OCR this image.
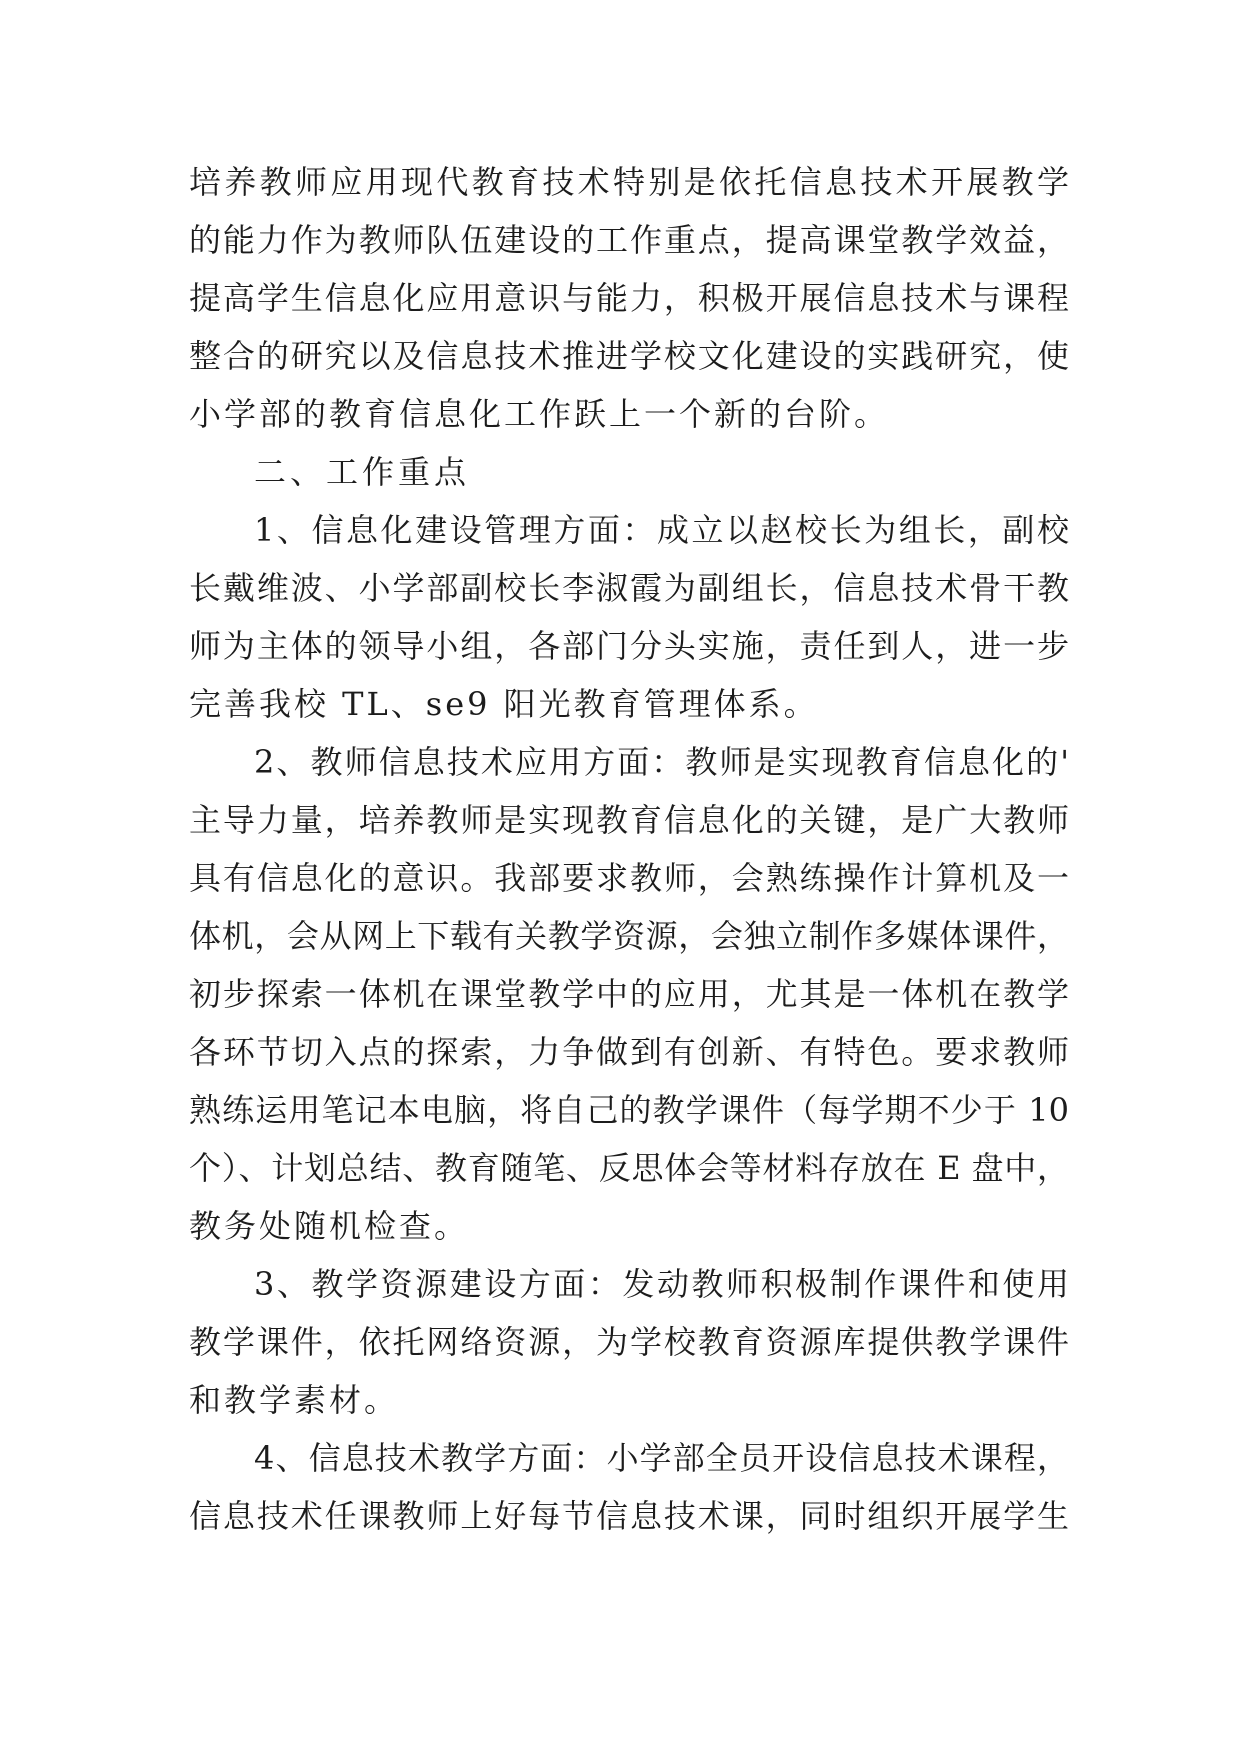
培养教师应用现代教育技术特别是依托信息技术开展教学
的能力作为教师队伍建设的工作重点，提高课堂教学效益，
提高学生信息化应用意识与能力，积极开展信息技术与课程
整合的研究以及信息技术推进学校文化建设的实践研究，使
小学部的教育信息化工作跃上一个新的台阶。
二、工作重点
1、信息化建设管理方面：成立以赵校长为组长，副校
长戴维波、小学部副校长李淑霞为副组长，信息技术骨干教
师为主体的领导小组，各部门分头实施，责任到人，进一步
完善我校 TL、se9 阳光教育管理体系。
2、教师信息技术应用方面：教师是实现教育信息化的'
主导力量，培养教师是实现教育信息化的关键，是广大教师
具有信息化的意识。我部要求教师，会熟练操作计算机及一
体机，会从网上下载有关教学资源，会独立制作多媒体课件，
初步探索一体机在课堂教学中的应用，尤其是一体机在教学
各环节切入点的探索，力争做到有创新、有特色。要求教师
熟练运用笔记本电脑，将自己的教学课件（每学期不少于 10
个）、计划总结、教育随笔、反思体会等材料存放在 E 盘中，
教务处随机检查。
3、教学资源建设方面：发动教师积极制作课件和使用
教学课件，依托网络资源，为学校教育资源库提供教学课件
和教学素材。
4、信息技术教学方面：小学部全员开设信息技术课程，
信息技术任课教师上好每节信息技术课，同时组织开展学生
